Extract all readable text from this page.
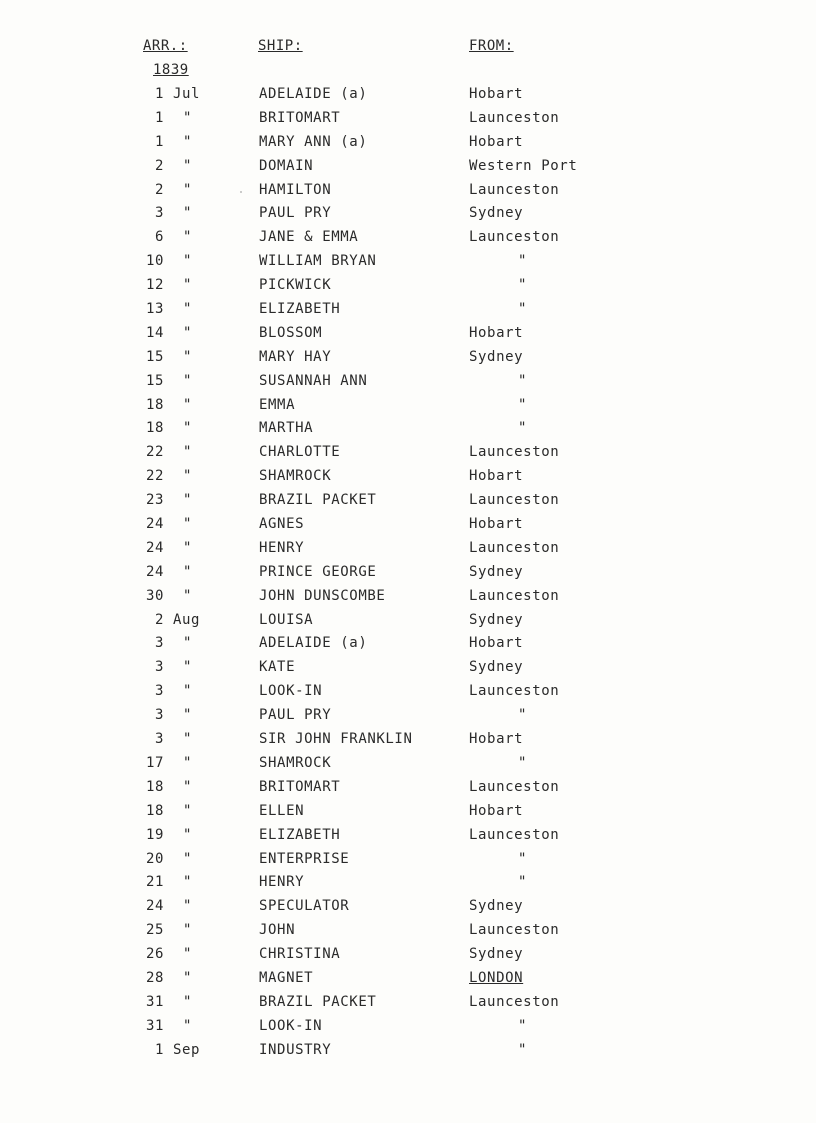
ARR.:	SHIP:	FROM:
1839
1 Jul	ADELAIDE (a)	Hobart
1 "	BRITOMART	Launceston
1 "	MARY ANN (a)	Hobart
2 "	DOMAIN	Western Port
2 "	HAMILTON	Launceston
3 "	PAUL PRY	Sydney
6 "	JANE & EMMA	Launceston
10 "	WILLIAM BRYAN	"
12 "	PICKWICK	"
13 "	ELIZABETH	"
14 "	BLOSSOM	Hobart
15 "	MARY HAY	Sydney
15 "	SUSANNAH ANN	"
18 "	EMMA	"
18 "	MARTHA	"
22 "	CHARLOTTE	Launceston
22 "	SHAMROCK	Hobart
23 "	BRAZIL PACKET	Launceston
24 "	AGNES	Hobart
24 "	HENRY	Launceston
24 "	PRINCE GEORGE	Sydney
30 "	JOHN DUNSCOMBE	Launceston
2 Aug	LOUISA	Sydney
3 "	ADELAIDE (a)	Hobart
3 "	KATE	Sydney
3 "	LOOK-IN	Launceston
3 "	PAUL PRY	"
3 "	SIR JOHN FRANKLIN	Hobart
17 "	SHAMROCK	"
18 "	BRITOMART	Launceston
18 "	ELLEN	Hobart
19 "	ELIZABETH	Launceston
20 "	ENTERPRISE	"
21 "	HENRY	"
24 "	SPECULATOR	Sydney
25 "	JOHN	Launceston
26 "	CHRISTINA	Sydney
28 "	MAGNET	LONDON
31 "	BRAZIL PACKET	Launceston
31 "	LOOK-IN	"
1 Sep	INDUSTRY	"
